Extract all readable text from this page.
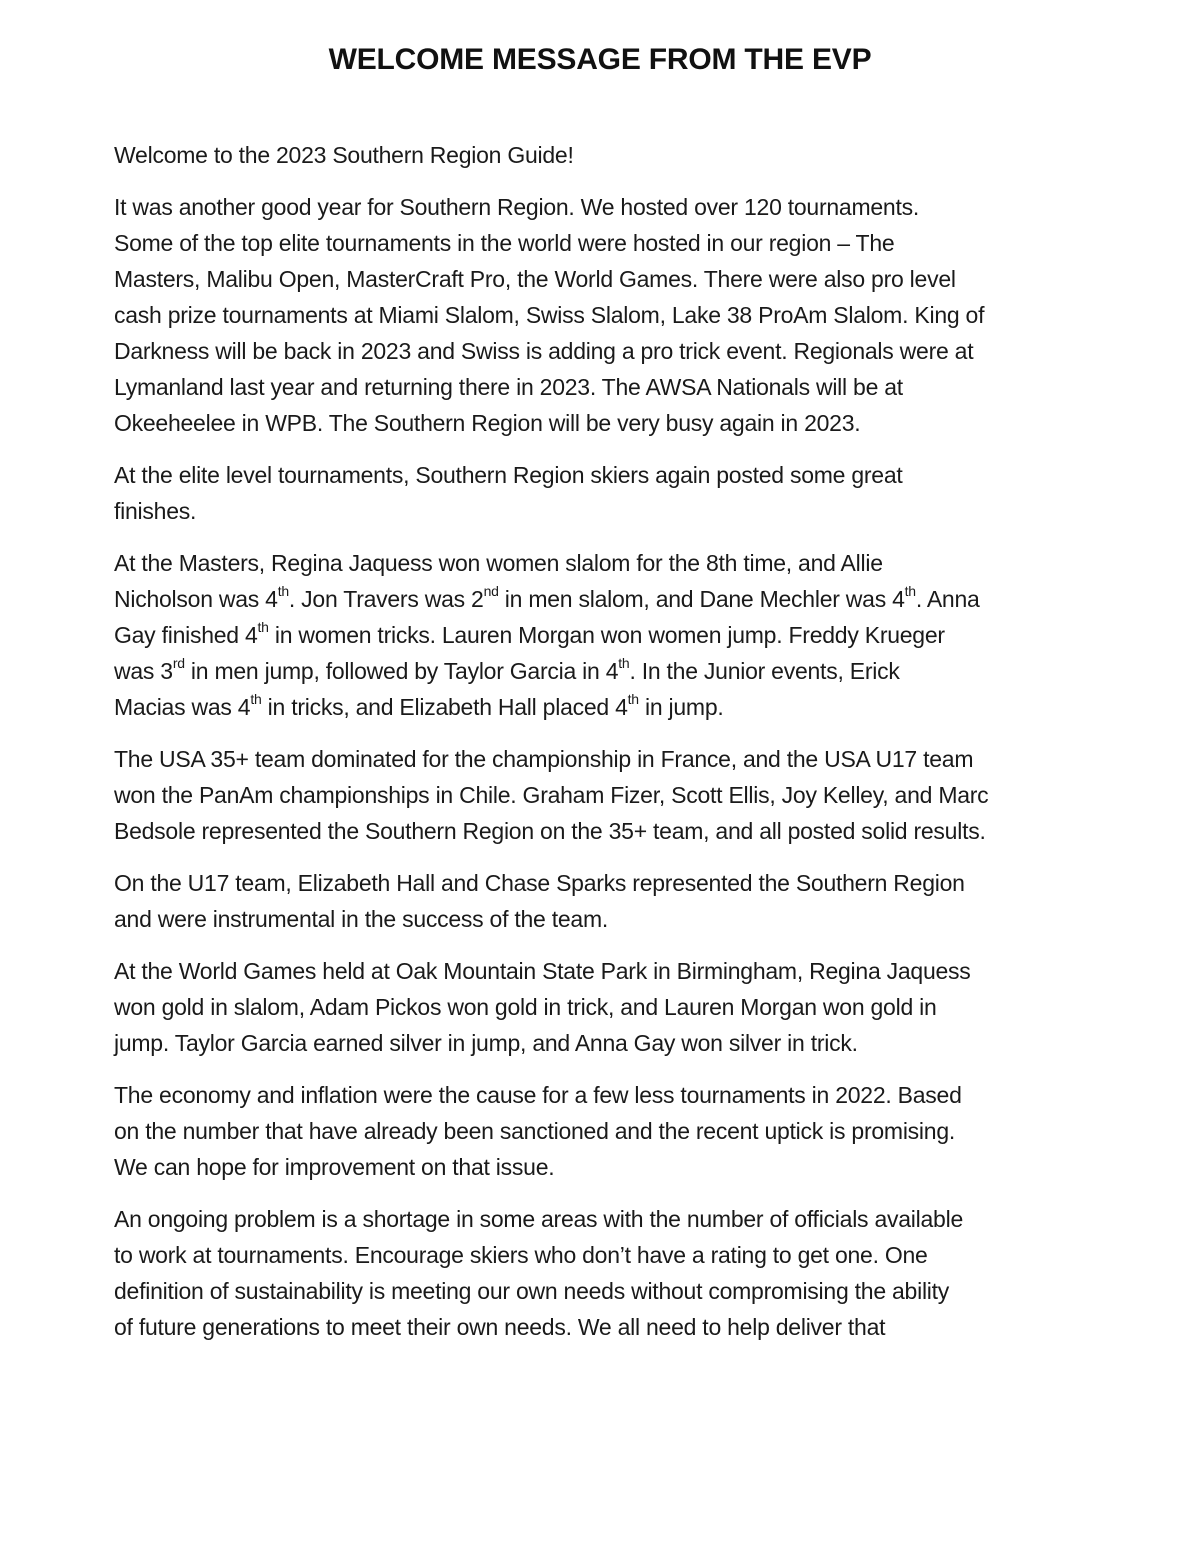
WELCOME MESSAGE FROM THE EVP

Welcome to the 2023 Southern Region Guide!

It was another good year for Southern Region. We hosted over 120 tournaments.
Some of the top elite tournaments in the world were hosted in our region – The
Masters, Malibu Open, MasterCraft Pro, the World Games. There were also pro level
cash prize tournaments at Miami Slalom, Swiss Slalom, Lake 38 ProAm Slalom. King of
Darkness will be back in 2023 and Swiss is adding a pro trick event. Regionals were at
Lymanland last year and returning there in 2023. The AWSA Nationals will be at
Okeeheelee in WPB. The Southern Region will be very busy again in 2023.

At the elite level tournaments, Southern Region skiers again posted some great
finishes.

At the Masters, Regina Jaquess won women slalom for the 8th time, and Allie
Nicholson was 4th. Jon Travers was 2nd in men slalom, and Dane Mechler was 4th. Anna
Gay finished 4th in women tricks. Lauren Morgan won women jump. Freddy Krueger
was 3rd in men jump, followed by Taylor Garcia in 4th. In the Junior events, Erick
Macias was 4th in tricks, and Elizabeth Hall placed 4th in jump.

The USA 35+ team dominated for the championship in France, and the USA U17 team
won the PanAm championships in Chile. Graham Fizer, Scott Ellis, Joy Kelley, and Marc
Bedsole represented the Southern Region on the 35+ team, and all posted solid results.

On the U17 team, Elizabeth Hall and Chase Sparks represented the Southern Region
and were instrumental in the success of the team.

At the World Games held at Oak Mountain State Park in Birmingham, Regina Jaquess
won gold in slalom, Adam Pickos won gold in trick, and Lauren Morgan won gold in
jump. Taylor Garcia earned silver in jump, and Anna Gay won silver in trick.

The economy and inflation were the cause for a few less tournaments in 2022. Based
on the number that have already been sanctioned and the recent uptick is promising.
We can hope for improvement on that issue.

An ongoing problem is a shortage in some areas with the number of officials available
to work at tournaments. Encourage skiers who don’t have a rating to get one. One
definition of sustainability is meeting our own needs without compromising the ability
of future generations to meet their own needs. We all need to help deliver that
